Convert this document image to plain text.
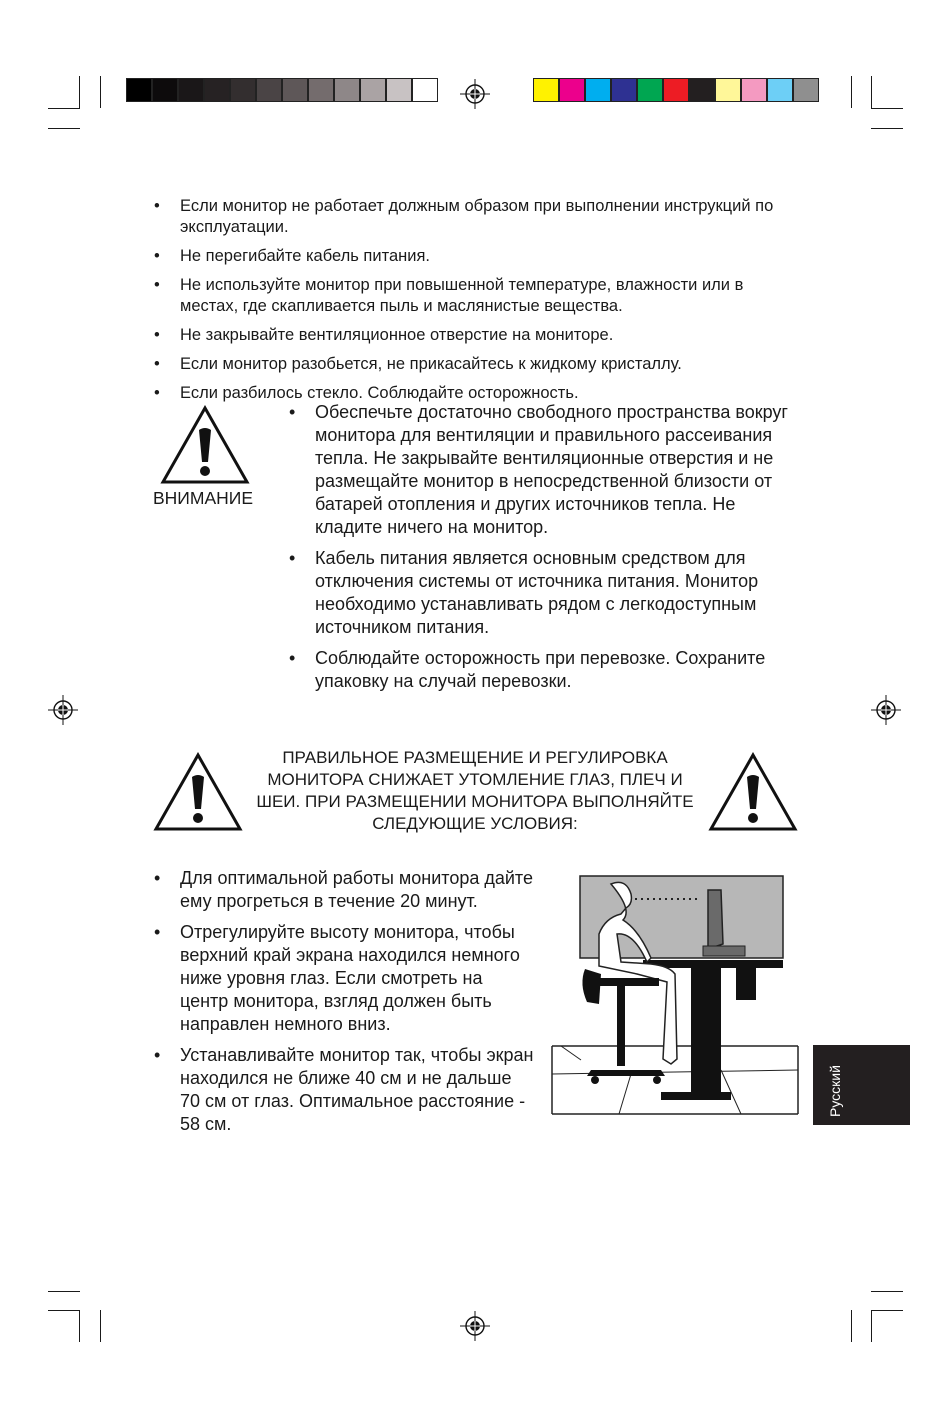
• Если монитор не работает должным образом при выполнении инструкций по эксплуатации.
• Не перегибайте кабель питания.
• Не используйте монитор при повышенной температуре, влажности или в местах, где скапливается пыль и маслянистые вещества.
• Не закрывайте вентиляционное отверстие на мониторе.
• Если монитор разобьется, не прикасайтесь к жидкому кристаллу.
• Если разбилось стекло. Соблюдайте осторожность.
ВНИМАНИЕ
• Обеспечьте достаточно свободного пространства вокруг монитора для вентиляции и правильного рассеивания тепла. Не закрывайте вентиляционные отверстия и не размещайте монитор в непосредственной близости от батарей отопления и других источников тепла. Не кладите ничего на монитор.
• Кабель питания является основным средством для отключения системы от источника питания. Монитор необходимо устанавливать рядом с легкодоступным источником питания.
• Соблюдайте осторожность при перевозке. Сохраните упаковку на случай перевозки.
ПРАВИЛЬНОЕ РАЗМЕЩЕНИЕ И РЕГУЛИРОВКА МОНИТОРА СНИЖАЕТ УТОМЛЕНИЕ ГЛАЗ, ПЛЕЧ И ШЕИ. ПРИ РАЗМЕЩЕНИИ МОНИТОРА ВЫПОЛНЯЙТЕ СЛЕДУЮЩИЕ УСЛОВИЯ:
• Для оптимальной работы монитора дайте ему прогреться в течение 20 минут.
• Отрегулируйте высоту монитора, чтобы верхний край экрана находился немного ниже уровня глаз. Если смотреть на центр монитора, взгляд должен быть направлен немного вниз.
• Устанавливайте монитор так, чтобы экран находился не ближе 40 см и не дальше 70 см от глаз. Оптимальное расстояние - 58 см.
Русский
